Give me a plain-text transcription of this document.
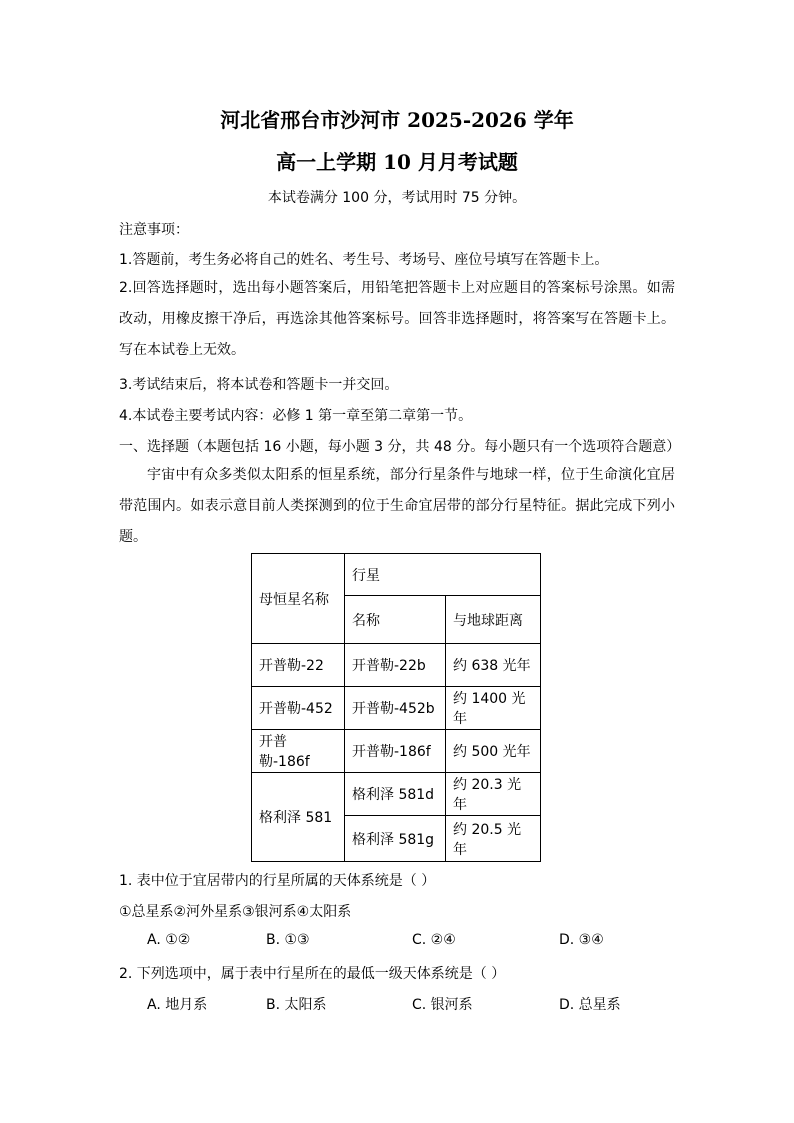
河北省邢台市沙河市 2025-2026 学年
高一上学期 10 月月考试题
本试卷满分 100 分，考试用时 75 分钟。
注意事项：
1.答题前，考生务必将自己的姓名、考生号、考场号、座位号填写在答题卡上。
2.回答选择题时，选出每小题答案后，用铅笔把答题卡上对应题目的答案标号涂黑。如需改动，用橡皮擦干净后，再选涂其他答案标号。回答非选择题时，将答案写在答题卡上。写在本试卷上无效。
3.考试结束后，将本试卷和答题卡一并交回。
4.本试卷主要考试内容：必修 1 第一章至第二章第一节。
一、选择题（本题包括 16 小题，每小题 3 分，共 48 分。每小题只有一个选项符合题意）
宇宙中有众多类似太阳系的恒星系统，部分行星条件与地球一样，位于生命演化宜居带范围内。如表示意目前人类探测到的位于生命宜居带的部分行星特征。据此完成下列小题。
母恒星名称	行星	
	名称	与地球距离
开普勒-22	开普勒-22b	约 638 光年
开普勒-452	开普勒-452b	约 1400 光年
开普勒-186f	开普勒-186f	约 500 光年
格利泽 581	格利泽 581d	约 20.3 光年
	格利泽 581g	约 20.5 光年
1. 表中位于宜居带内的行星所属的天体系统是（ ）
①总星系②河外星系③银河系④太阳系
A. ①②	B. ①③	C. ②④	D. ③④
2. 下列选项中，属于表中行星所在的最低一级天体系统是（ ）
A. 地月系	B. 太阳系	C. 银河系	D. 总星系
